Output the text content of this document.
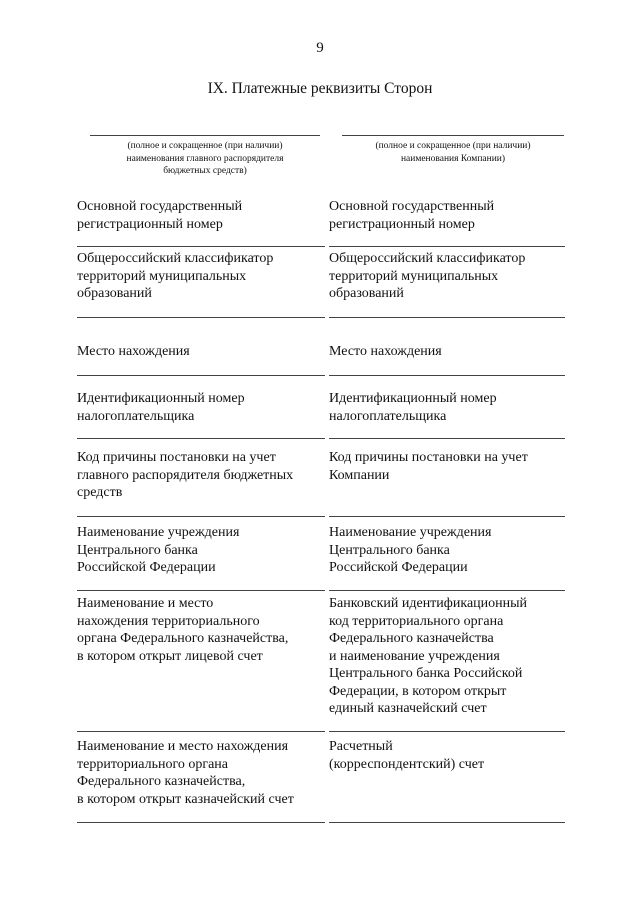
9
IX. Платежные реквизиты Сторон
(полное и сокращенное (при наличии)
наименования главного распорядителя
бюджетных средств)
(полное и сокращенное (при наличии)
наименования Компании)
Основной государственный
регистрационный номер
Общероссийский классификатор
территорий муниципальных
образований
Место нахождения
Идентификационный номер
налогоплательщика
Код причины постановки на учет
главного распорядителя бюджетных
средств
Наименование учреждения
Центрального банка
Российской Федерации
Наименование и место
нахождения территориального
органа Федерального казначейства,
в котором открыт лицевой счет
Наименование и место нахождения
территориального органа
Федерального казначейства,
в котором открыт казначейский счет
Основной государственный
регистрационный номер
Общероссийский классификатор
территорий муниципальных
образований
Место нахождения
Идентификационный номер
налогоплательщика
Код причины постановки на учет
Компании
Наименование учреждения
Центрального банка
Российской Федерации
Банковский идентификационный
код территориального органа
Федерального казначейства
и наименование учреждения
Центрального банка Российской
Федерации, в котором открыт
единый казначейский счет
Расчетный
(корреспондентский) счет
